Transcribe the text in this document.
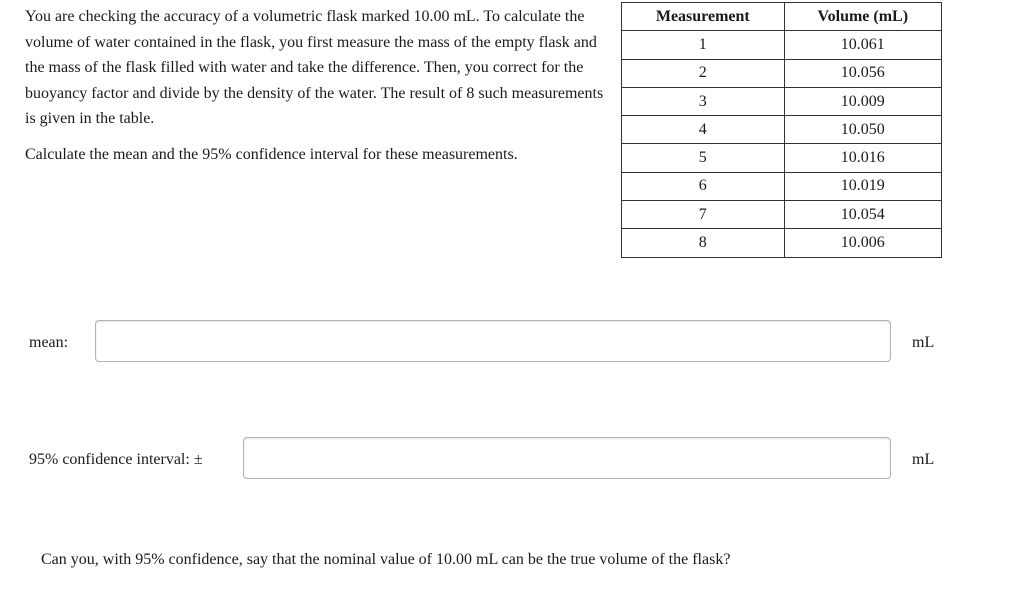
You are checking the accuracy of a volumetric flask marked 10.00 mL. To calculate the volume of water contained in the flask, you first measure the mass of the empty flask and the mass of the flask filled with water and take the difference. Then, you correct for the buoyancy factor and divide by the density of the water. The result of 8 such measurements is given in the table.

Calculate the mean and the 95% confidence interval for these measurements.

Measurement	Volume (mL)
1	10.061
2	10.056
3	10.009
4	10.050
5	10.016
6	10.019
7	10.054
8	10.006
mean:	mL
95% confidence interval: ±	mL
Can you, with 95% confidence, say that the nominal value of 10.00 mL can be the true volume of the flask?
